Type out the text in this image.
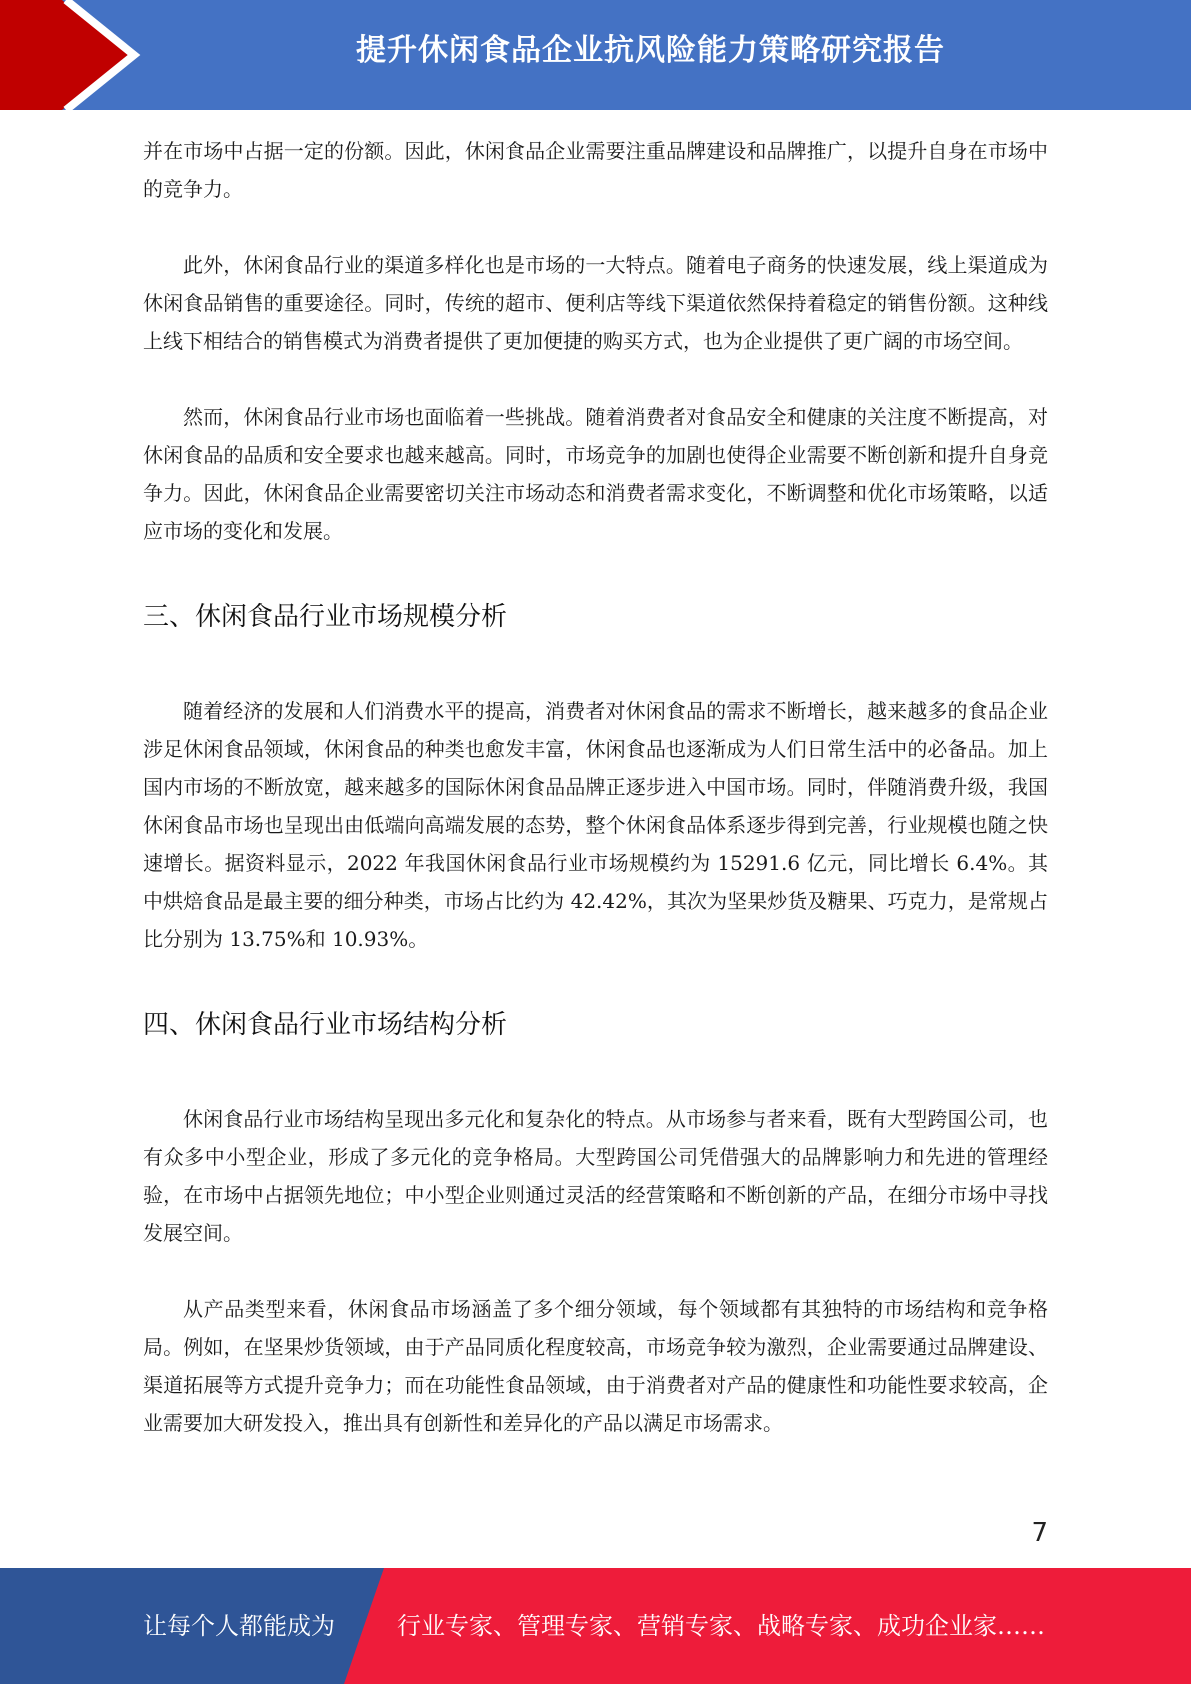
提升休闲食品企业抗风险能力策略研究报告

并在市场中占据一定的份额。因此，休闲食品企业需要注重品牌建设和品牌推广，以提升自身在市场中的竞争力。

此外，休闲食品行业的渠道多样化也是市场的一大特点。随着电子商务的快速发展，线上渠道成为休闲食品销售的重要途径。同时，传统的超市、便利店等线下渠道依然保持着稳定的销售份额。这种线上线下相结合的销售模式为消费者提供了更加便捷的购买方式，也为企业提供了更广阔的市场空间。

然而，休闲食品行业市场也面临着一些挑战。随着消费者对食品安全和健康的关注度不断提高，对休闲食品的品质和安全要求也越来越高。同时，市场竞争的加剧也使得企业需要不断创新和提升自身竞争力。因此，休闲食品企业需要密切关注市场动态和消费者需求变化，不断调整和优化市场策略，以适应市场的变化和发展。

三、休闲食品行业市场规模分析

随着经济的发展和人们消费水平的提高，消费者对休闲食品的需求不断增长，越来越多的食品企业涉足休闲食品领域，休闲食品的种类也愈发丰富，休闲食品也逐渐成为人们日常生活中的必备品。加上国内市场的不断放宽，越来越多的国际休闲食品品牌正逐步进入中国市场。同时，伴随消费升级，我国休闲食品市场也呈现出由低端向高端发展的态势，整个休闲食品体系逐步得到完善，行业规模也随之快速增长。据资料显示，2022 年我国休闲食品行业市场规模约为 15291.6 亿元，同比增长 6.4%。其中烘焙食品是最主要的细分种类，市场占比约为 42.42%，其次为坚果炒货及糖果、巧克力，是常规占比分别为 13.75%和 10.93%。

四、休闲食品行业市场结构分析

休闲食品行业市场结构呈现出多元化和复杂化的特点。从市场参与者来看，既有大型跨国公司，也有众多中小型企业，形成了多元化的竞争格局。大型跨国公司凭借强大的品牌影响力和先进的管理经验，在市场中占据领先地位；中小型企业则通过灵活的经营策略和不断创新的产品，在细分市场中寻找发展空间。

从产品类型来看，休闲食品市场涵盖了多个细分领域，每个领域都有其独特的市场结构和竞争格局。例如，在坚果炒货领域，由于产品同质化程度较高，市场竞争较为激烈，企业需要通过品牌建设、渠道拓展等方式提升竞争力；而在功能性食品领域，由于消费者对产品的健康性和功能性要求较高，企业需要加大研发投入，推出具有创新性和差异化的产品以满足市场需求。

7
让每个人都能成为	行业专家、管理专家、营销专家、战略专家、成功企业家……
